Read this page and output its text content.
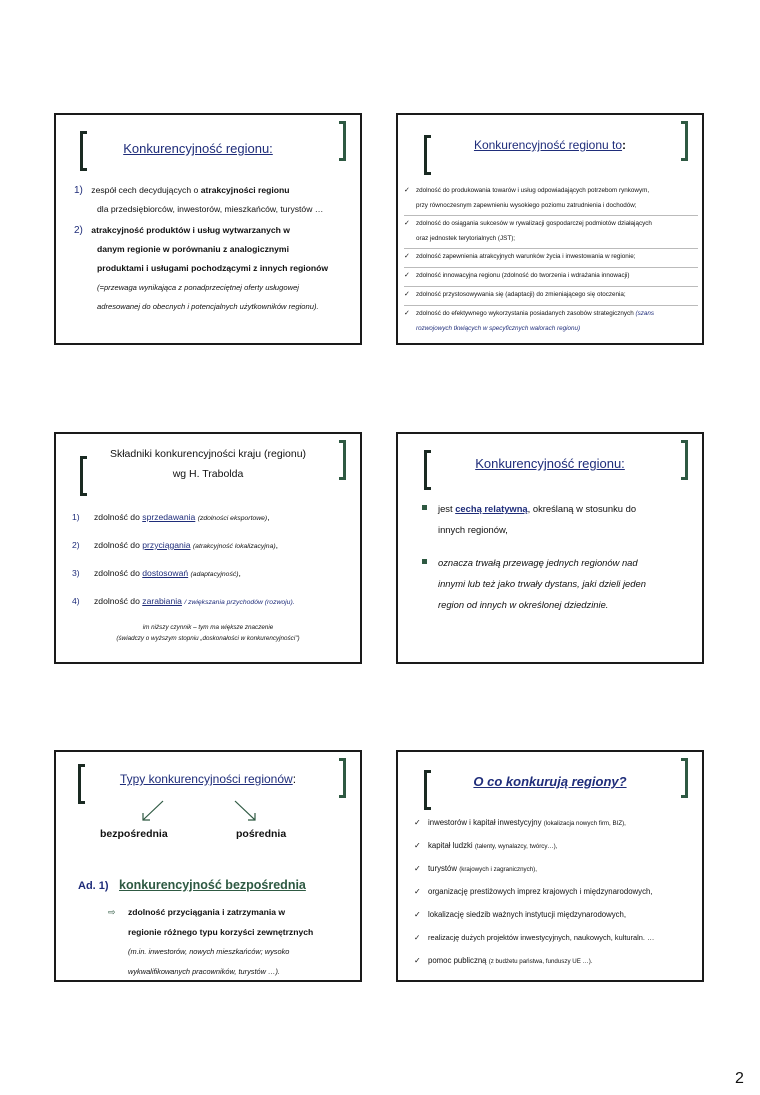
Konkurencyjność regionu:
1) zespół cech decydujących o atrakcyjności regionu
dla przedsiębiorców, inwestorów, mieszkańców, turystów …
2) atrakcyjność produktów i usług wytwarzanych w
danym regionie w porównaniu z analogicznymi
produktami i usługami pochodzącymi z innych regionów
(=przewaga wynikająca z ponadprzeciętnej oferty usługowej
adresowanej do obecnych i potencjalnych użytkowników regionu).
Konkurencyjność regionu to:
✓ zdolność do produkowania towarów i usług odpowiadających potrzebom rynkowym,
przy równoczesnym zapewnieniu wysokiego poziomu zatrudnienia i dochodów;
✓ zdolność do osiągania sukcesów w rywalizacji gospodarczej podmiotów działających
oraz jednostek terytorialnych (JST);
✓ zdolność zapewnienia atrakcyjnych warunków życia i inwestowania w regionie;
✓ zdolność innowacyjna regionu (zdolność do tworzenia i wdrażania innowacji)
✓ zdolność przystosowywania się (adaptacji) do zmieniającego się otoczenia;
✓ zdolność do efektywnego wykorzystania posiadanych zasobów strategicznych (szans
rozwojowych tkwiących w specyficznych walorach regionu)
Składniki konkurencyjności kraju (regionu)
wg H. Trabolda
1) zdolność do sprzedawania (zdolności eksportowe),
2) zdolność do przyciągania (atrakcyjność lokalizacyjna),
3) zdolność do dostosowań (adaptacyjność),
4) zdolność do zarabiania / zwiększania przychodów (rozwoju).
im niższy czynnik – tym ma większe znaczenie
(świadczy o wyższym stopniu „doskonałości w konkurencyjności")
Konkurencyjność regionu:
jest cechą relatywną, określaną w stosunku do
innych regionów,
oznacza trwałą przewagę jednych regionów nad
innymi lub też jako trwały dystans, jaki dzieli jeden
region od innych w określonej dziedzinie.
Typy konkurencyjności regionów:
bezpośrednia	pośrednia
Ad. 1) konkurencyjność bezpośrednia
⇨ zdolność przyciągania i zatrzymania w
regionie różnego typu korzyści zewnętrznych
(m.in. inwestorów, nowych mieszkańców; wysoko
wykwalifikowanych pracowników, turystów …).
O co konkurują regiony?
✓ inwestorów i kapitał inwestycyjny (lokalizacja nowych firm, BIZ),
✓ kapitał ludzki (talenty, wynalazcy, twórcy…),
✓ turystów (krajowych i zagranicznych),
✓ organizację prestiżowych imprez krajowych i międzynarodowych,
✓ lokalizację siedzib ważnych instytucji międzynarodowych,
✓ realizację dużych projektów inwestycyjnych, naukowych, kulturaln. …
✓ pomoc publiczną (z budżetu państwa, funduszy UE …).
2
